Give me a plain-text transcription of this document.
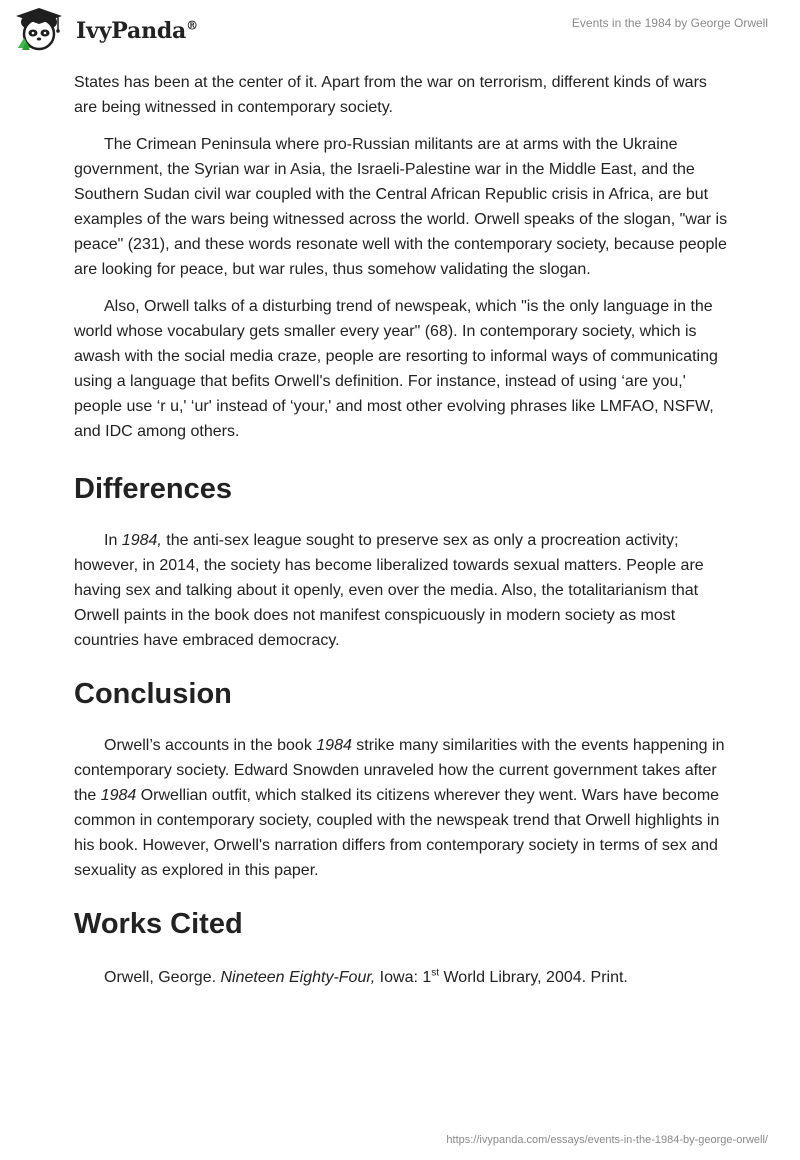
IvyPanda®	Events in the 1984 by George Orwell

States has been at the center of it. Apart from the war on terrorism, different kinds of wars are being witnessed in contemporary society.

The Crimean Peninsula where pro-Russian militants are at arms with the Ukraine government, the Syrian war in Asia, the Israeli-Palestine war in the Middle East, and the Southern Sudan civil war coupled with the Central African Republic crisis in Africa, are but examples of the wars being witnessed across the world. Orwell speaks of the slogan, "war is peace" (231), and these words resonate well with the contemporary society, because people are looking for peace, but war rules, thus somehow validating the slogan.

Also, Orwell talks of a disturbing trend of newspeak, which "is the only language in the world whose vocabulary gets smaller every year" (68). In contemporary society, which is awash with the social media craze, people are resorting to informal ways of communicating using a language that befits Orwell's definition. For instance, instead of using ‘are you,' people use ‘r u,' ‘ur' instead of ‘your,' and most other evolving phrases like LMFAO, NSFW, and IDC among others.

Differences

In 1984, the anti-sex league sought to preserve sex as only a procreation activity; however, in 2014, the society has become liberalized towards sexual matters. People are having sex and talking about it openly, even over the media. Also, the totalitarianism that Orwell paints in the book does not manifest conspicuously in modern society as most countries have embraced democracy.

Conclusion

Orwell’s accounts in the book 1984 strike many similarities with the events happening in contemporary society. Edward Snowden unraveled how the current government takes after the 1984 Orwellian outfit, which stalked its citizens wherever they went. Wars have become common in contemporary society, coupled with the newspeak trend that Orwell highlights in his book. However, Orwell's narration differs from contemporary society in terms of sex and sexuality as explored in this paper.

Works Cited

Orwell, George. Nineteen Eighty-Four, Iowa: 1st World Library, 2004. Print.

https://ivypanda.com/essays/events-in-the-1984-by-george-orwell/
